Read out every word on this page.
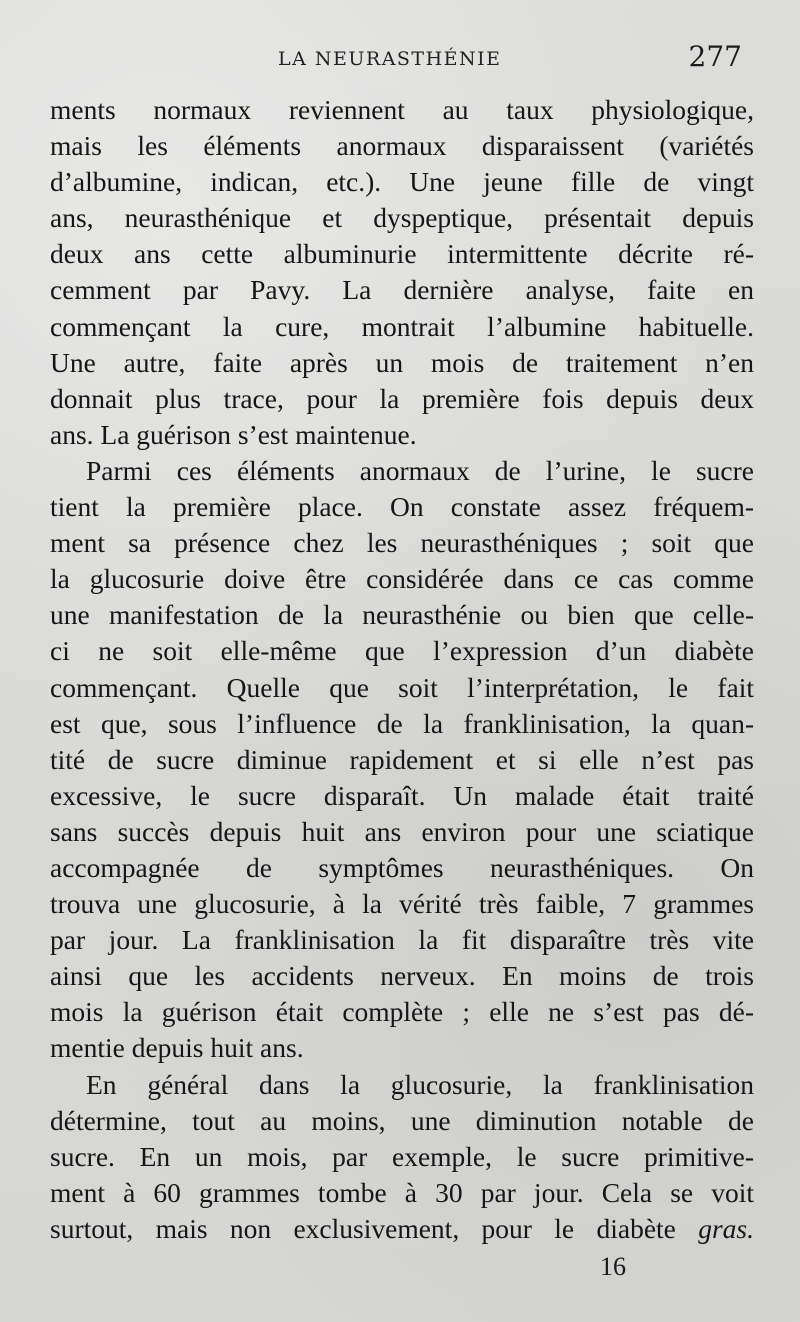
LA NEURASTHÉNIE	277
ments normaux reviennent au taux physiologique,
mais les éléments anormaux disparaissent (variétés
d’albumine, indican, etc.). Une jeune fille de vingt
ans, neurasthénique et dyspeptique, présentait depuis
deux ans cette albuminurie intermittente décrite ré-
cemment par Pavy. La dernière analyse, faite en
commençant la cure, montrait l’albumine habituelle.
Une autre, faite après un mois de traitement n’en
donnait plus trace, pour la première fois depuis deux
ans. La guérison s’est maintenue.
Parmi ces éléments anormaux de l’urine, le sucre
tient la première place. On constate assez fréquem-
ment sa présence chez les neurasthéniques ; soit que
la glucosurie doive être considérée dans ce cas comme
une manifestation de la neurasthénie ou bien que celle-
ci ne soit elle-même que l’expression d’un diabète
commençant. Quelle que soit l’interprétation, le fait
est que, sous l’influence de la franklinisation, la quan-
tité de sucre diminue rapidement et si elle n’est pas
excessive, le sucre disparaît. Un malade était traité
sans succès depuis huit ans environ pour une sciatique
accompagnée de symptômes neurasthéniques. On
trouva une glucosurie, à la vérité très faible, 7 grammes
par jour. La franklinisation la fit disparaître très vite
ainsi que les accidents nerveux. En moins de trois
mois la guérison était complète ; elle ne s’est pas dé-
mentie depuis huit ans.
En général dans la glucosurie, la franklinisation
détermine, tout au moins, une diminution notable de
sucre. En un mois, par exemple, le sucre primitive-
ment à 60 grammes tombe à 30 par jour. Cela se voit
surtout, mais non exclusivement, pour le diabète gras.
16
